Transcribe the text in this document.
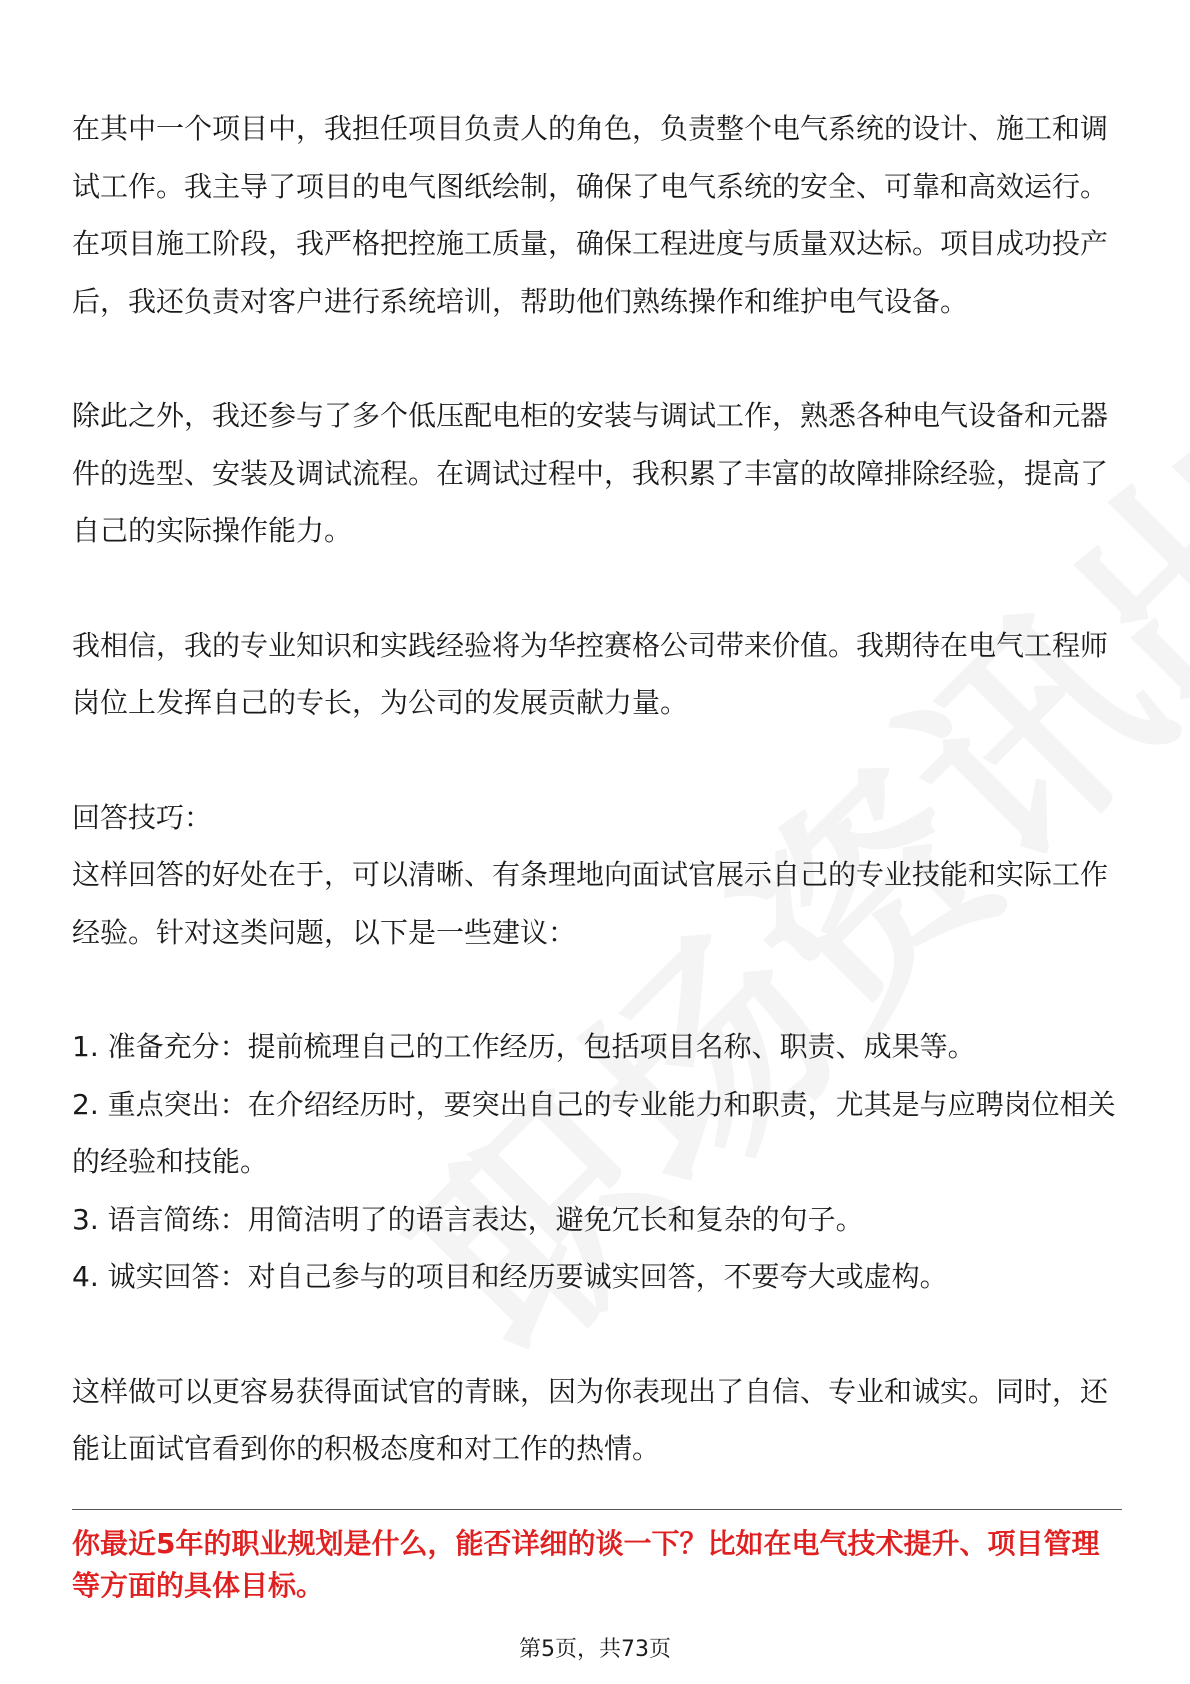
在其中一个项目中，我担任项目负责人的角色，负责整个电气系统的设计、施工和调试工作。我主导了项目的电气图纸绘制，确保了电气系统的安全、可靠和高效运行。在项目施工阶段，我严格把控施工质量，确保工程进度与质量双达标。项目成功投产后，我还负责对客户进行系统培训，帮助他们熟练操作和维护电气设备。

除此之外，我还参与了多个低压配电柜的安装与调试工作，熟悉各种电气设备和元器件的选型、安装及调试流程。在调试过程中，我积累了丰富的故障排除经验，提高了自己的实际操作能力。

我相信，我的专业知识和实践经验将为华控赛格公司带来价值。我期待在电气工程师岗位上发挥自己的专长，为公司的发展贡献力量。

回答技巧：

这样回答的好处在于，可以清晰、有条理地向面试官展示自己的专业技能和实际工作经验。针对这类问题，以下是一些建议：

1. 准备充分：提前梳理自己的工作经历，包括项目名称、职责、成果等。

2. 重点突出：在介绍经历时，要突出自己的专业能力和职责，尤其是与应聘岗位相关的经验和技能。

3. 语言简练：用简洁明了的语言表达，避免冗长和复杂的句子。

4. 诚实回答：对自己参与的项目和经历要诚实回答，不要夸大或虚构。

这样做可以更容易获得面试官的青睐，因为你表现出了自信、专业和诚实。同时，还能让面试官看到你的积极态度和对工作的热情。

你最近5年的职业规划是什么，能否详细的谈一下？比如在电气技术提升、项目管理等方面的具体目标。
第5页，共73页
